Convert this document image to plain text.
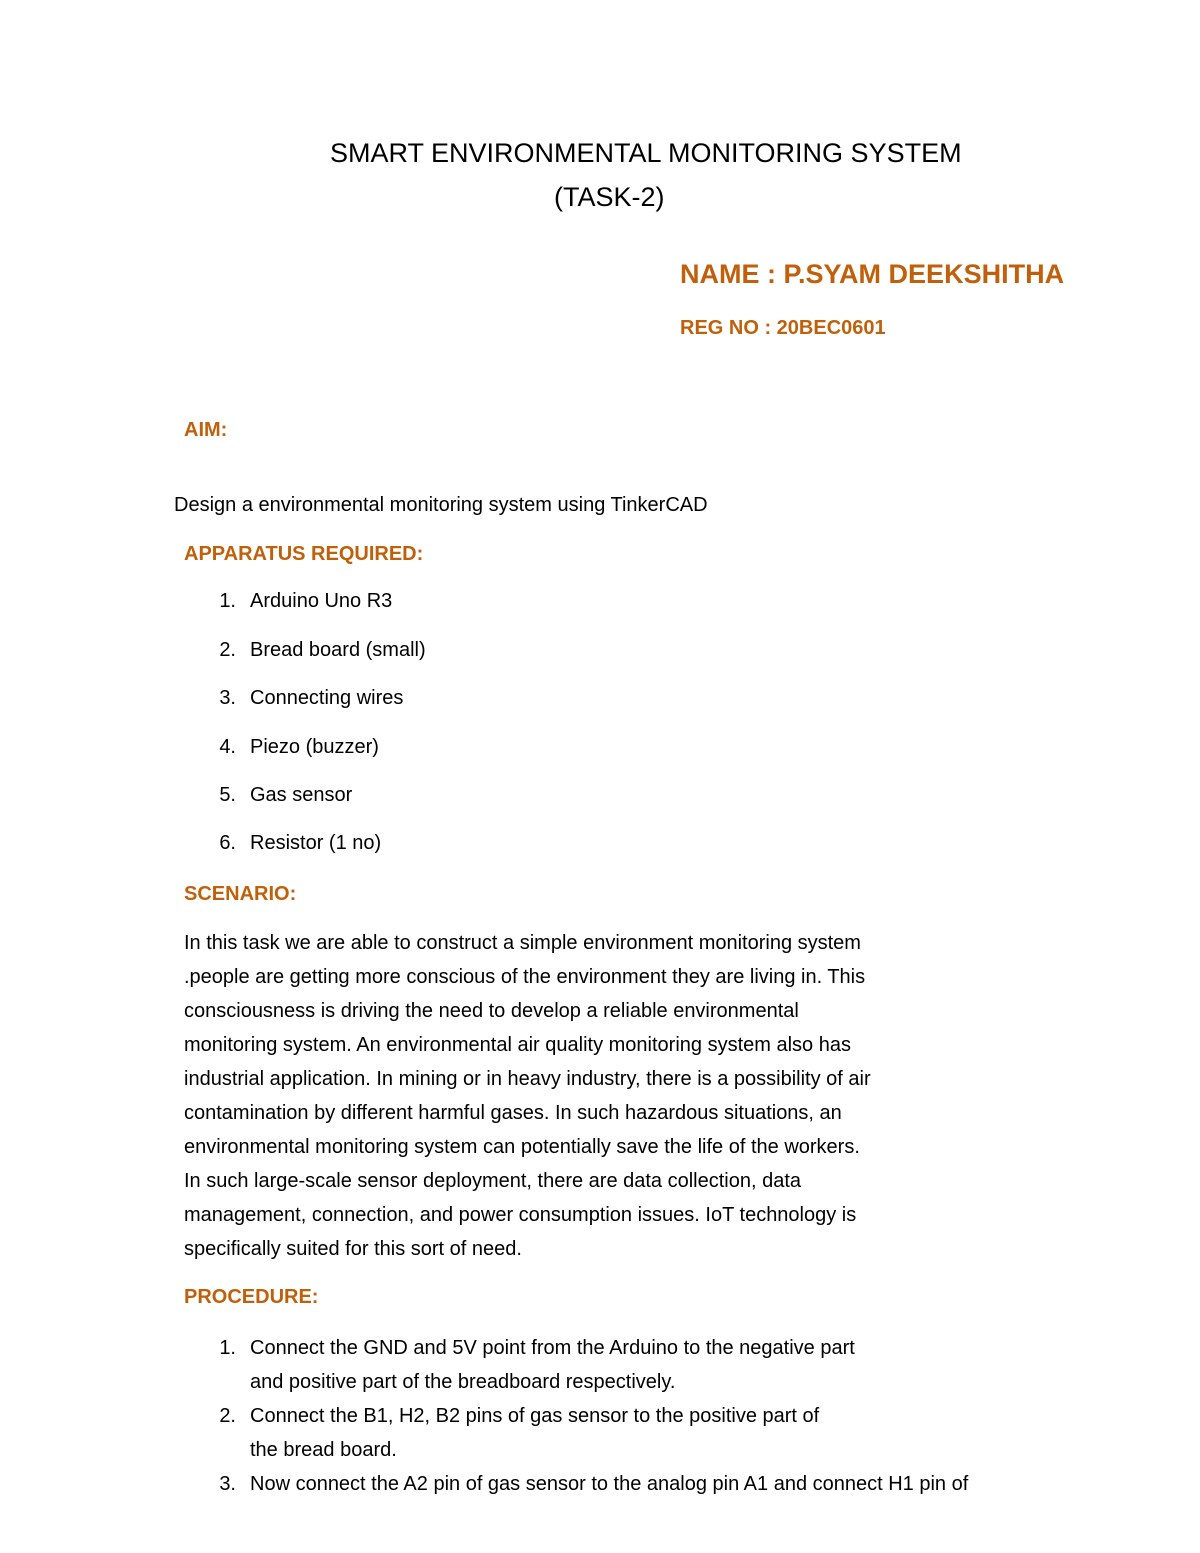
SMART ENVIRONMENTAL MONITORING SYSTEM
(TASK-2)
NAME : P.SYAM DEEKSHITHA
REG NO : 20BEC0601
AIM:
Design a environmental monitoring system using TinkerCAD
APPARATUS REQUIRED:
1. Arduino Uno R3
2. Bread board (small)
3. Connecting wires
4. Piezo (buzzer)
5. Gas sensor
6. Resistor (1 no)
SCENARIO:

In this task we are able to construct a simple environment monitoring system
.people are getting more conscious of the environment they are living in. This
consciousness is driving the need to develop a reliable environmental
monitoring system. An environmental air quality monitoring system also has
industrial application. In mining or in heavy industry, there is a possibility of air
contamination by different harmful gases. In such hazardous situations, an
environmental monitoring system can potentially save the life of the workers.
In such large-scale sensor deployment, there are data collection, data
management, connection, and power consumption issues. IoT technology is
specifically suited for this sort of need.

PROCEDURE:
1. Connect the GND and 5V point from the Arduino to the negative part
and positive part of the breadboard respectively.
2. Connect the B1, H2, B2 pins of gas sensor to the positive part of
the bread board.
3. Now connect the A2 pin of gas sensor to the analog pin A1 and connect H1 pin of
